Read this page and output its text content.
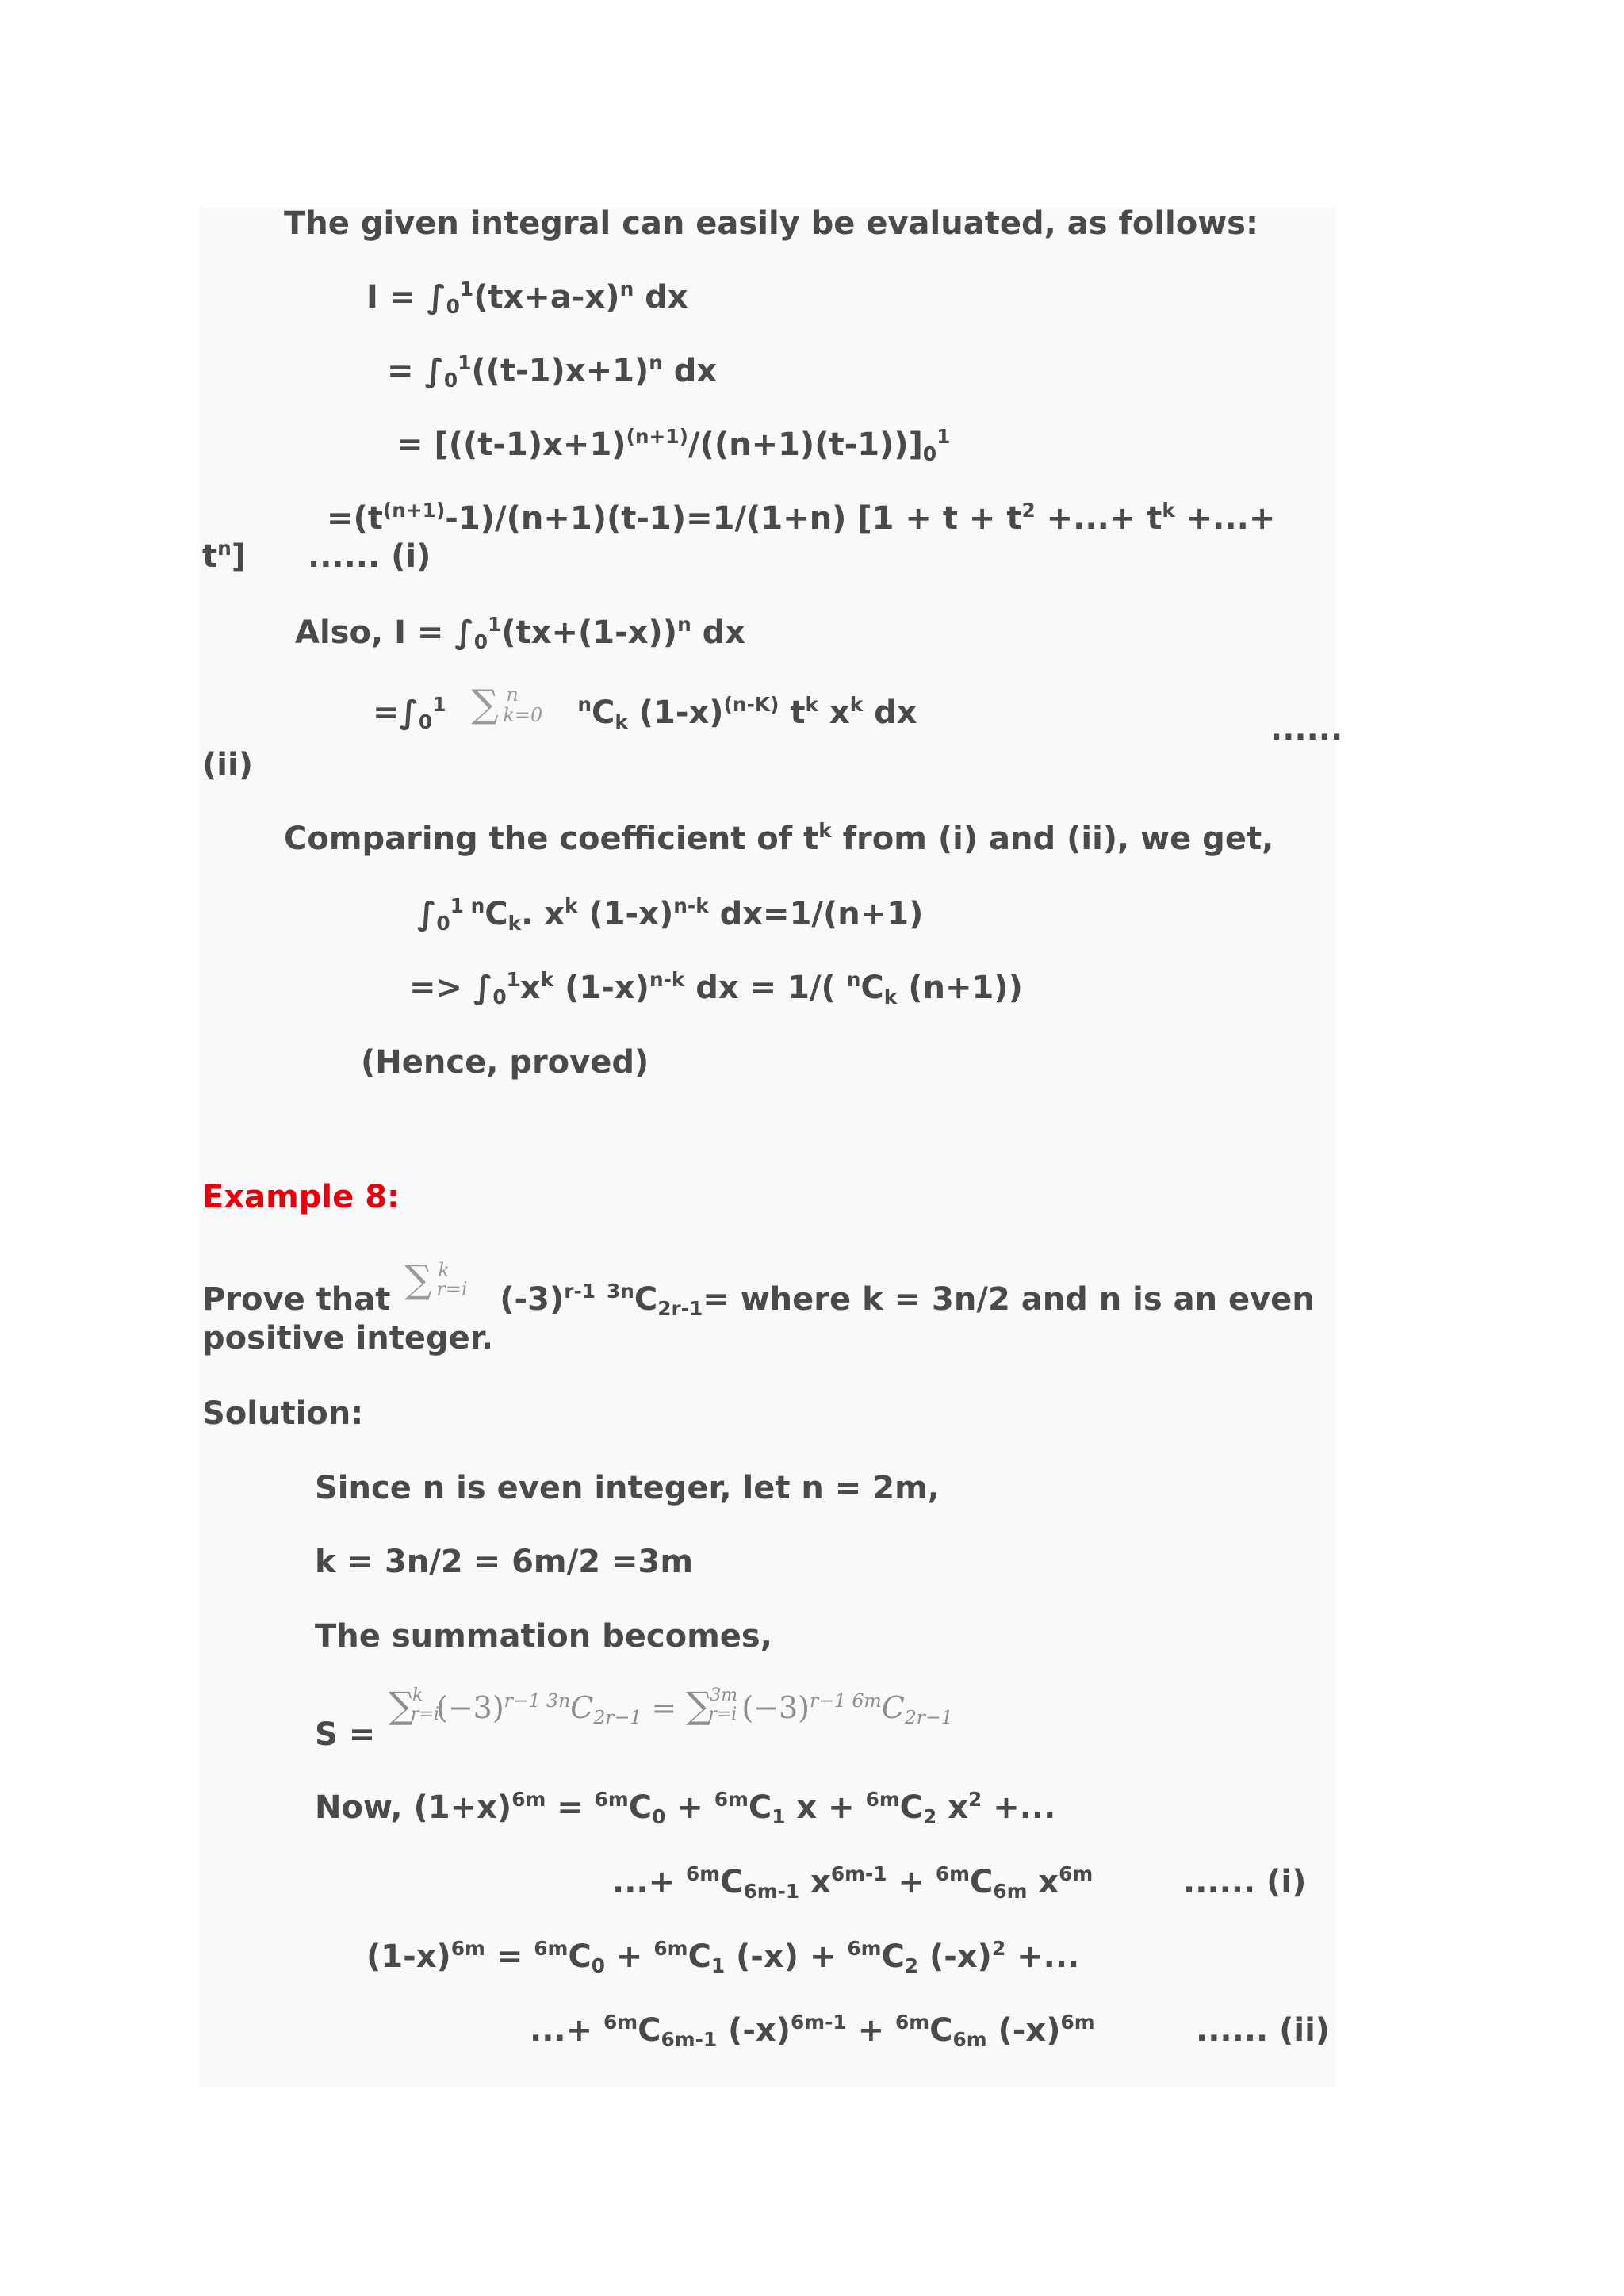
The given integral can easily be evaluated, as follows:
$I = \int_0^1(tx+a-x)^n$ dx
= $\int_0^1((t-1)x+1)^n$ dx
= $[((t-1)x+1)^{(n+1)}/((n+1)(t-1))]_0^1$
$=(t^{(n+1)}-1)/(n+1)(t-1)=1/(1+n) [1 + t + t^2$ +...+ $t^k$ +...+
$t^n$] ...... (i)
Also, $I = \int_0^1(tx+(1-x))^n$ dx
$=\int_0^1$ ∑ n
k=0 $^nC_k$ $(1-x)^{(n-K)}$ $t^k$ $x^k$ dx	......
(ii)
Comparing the coefficient of $t^k$ from (i) and (ii), we get,
$\int_0^1$ $^nC_k$. $x^k$ $(1-x)^{n-k}$ dx=1/(n+1)
=> $\int_0^1x^k$ $(1-x)^{n-k}$ dx = 1/( $^nC_k$ (n+1))
(Hence, proved)
Example 8:
Prove that ∑ k
r=i $(-3)^{r-1}$ $^{3n}C_{2r-1}=$ where k = 3n/2 and n is an even
positive integer.
Solution:
Since n is even integer, let n = 2m,
k = 3n/2 = 6m/2 =3m
The summation becomes,
S =
∑
k
r=i
$(-3)^{r-1}$ $^{3n}C_{2r-1}$ = ∑
3m
r=i $(-3)^{r-1}$ $^{6m}C_{2r-1}$
Now, $(1+x)^{6m} = ^{6m}C_0 + ^{6m}C_1$ $x + ^{6m}C_2$ $x^2$ +...
...+ $^{6m}C_{6m-1}$ $x^{6m-1} + ^{6m}C_{6m}$ $x^{6m}$	...... (i)
$(1-x)^{6m} = ^{6m}C_0 + ^{6m}C_1$ $(-x) + ^{6m}C_2$ $(-x)^2$ +...
...+ $^{6m}C_{6m-1}$ $(-x)^{6m-1} + ^{6m}C_{6m}$ $(-x)^{6m}$	...... (ii)
